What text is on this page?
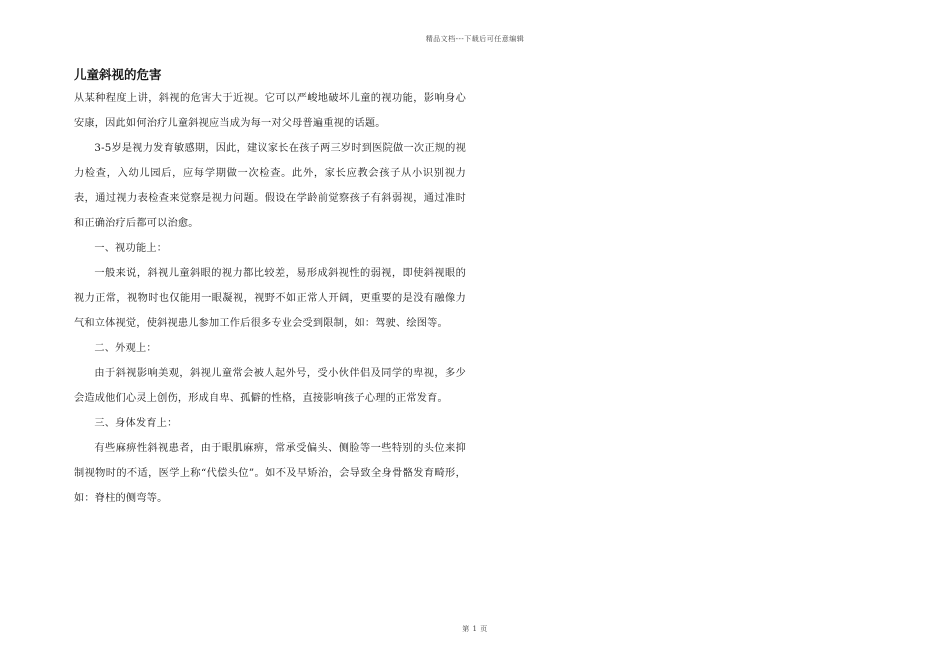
精品文档---下载后可任意编辑
儿童斜视的危害

从某种程度上讲，斜视的危害大于近视。它可以严峻地破坏儿童的视功能，影响身心安康，因此如何治疗儿童斜视应当成为每一对父母普遍重视的话题。

3-5岁是视力发育敏感期，因此，建议家长在孩子两三岁时到医院做一次正规的视力检查，入幼儿园后，应每学期做一次检查。此外，家长应教会孩子从小识别视力表，通过视力表检查来觉察是视力问题。假设在学龄前觉察孩子有斜弱视，通过准时和正确治疗后都可以治愈。

一、视功能上：

一般来说，斜视儿童斜眼的视力都比较差，易形成斜视性的弱视，即使斜视眼的视力正常，视物时也仅能用一眼凝视，视野不如正常人开阔，更重要的是没有融像力气和立体视觉，使斜视患儿参加工作后很多专业会受到限制，如：驾驶、绘图等。

二、外观上：

由于斜视影响美观，斜视儿童常会被人起外号，受小伙伴侣及同学的卑视，多少会造成他们心灵上创伤，形成自卑、孤僻的性格，直接影响孩子心理的正常发育。

三、身体发育上：

有些麻痹性斜视患者，由于眼肌麻痹，常承受偏头、侧脸等一些特别的头位来抑制视物时的不适，医学上称“代偿头位”。如不及早矫治，会导致全身骨骼发育畸形，如：脊柱的侧弯等。

第 1 页
